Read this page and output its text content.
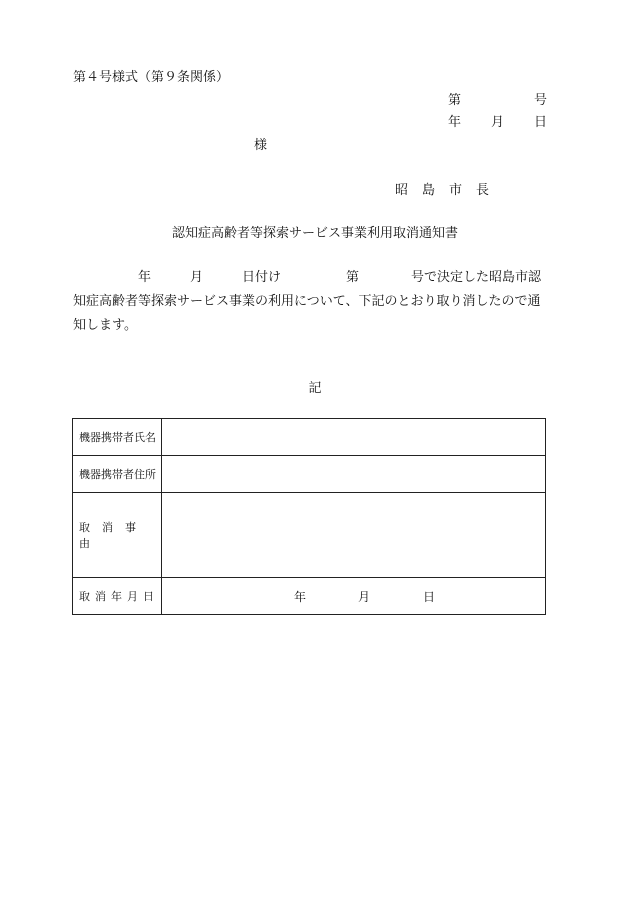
第４号様式（第９条関係）
第	号
年 月 日
様
昭島市長
認知症高齢者等探索サービス事業利用取消通知書
　　　　　年　　　月　　　日付け　　　　　第　　　　号で決定した昭島市認知症高齢者等探索サービス事業の利用について、下記のとおり取り消したので通知します。
記
機器携帯者氏名	
機器携帯者住所	
取消事由	
取消年月日	年 月 日
